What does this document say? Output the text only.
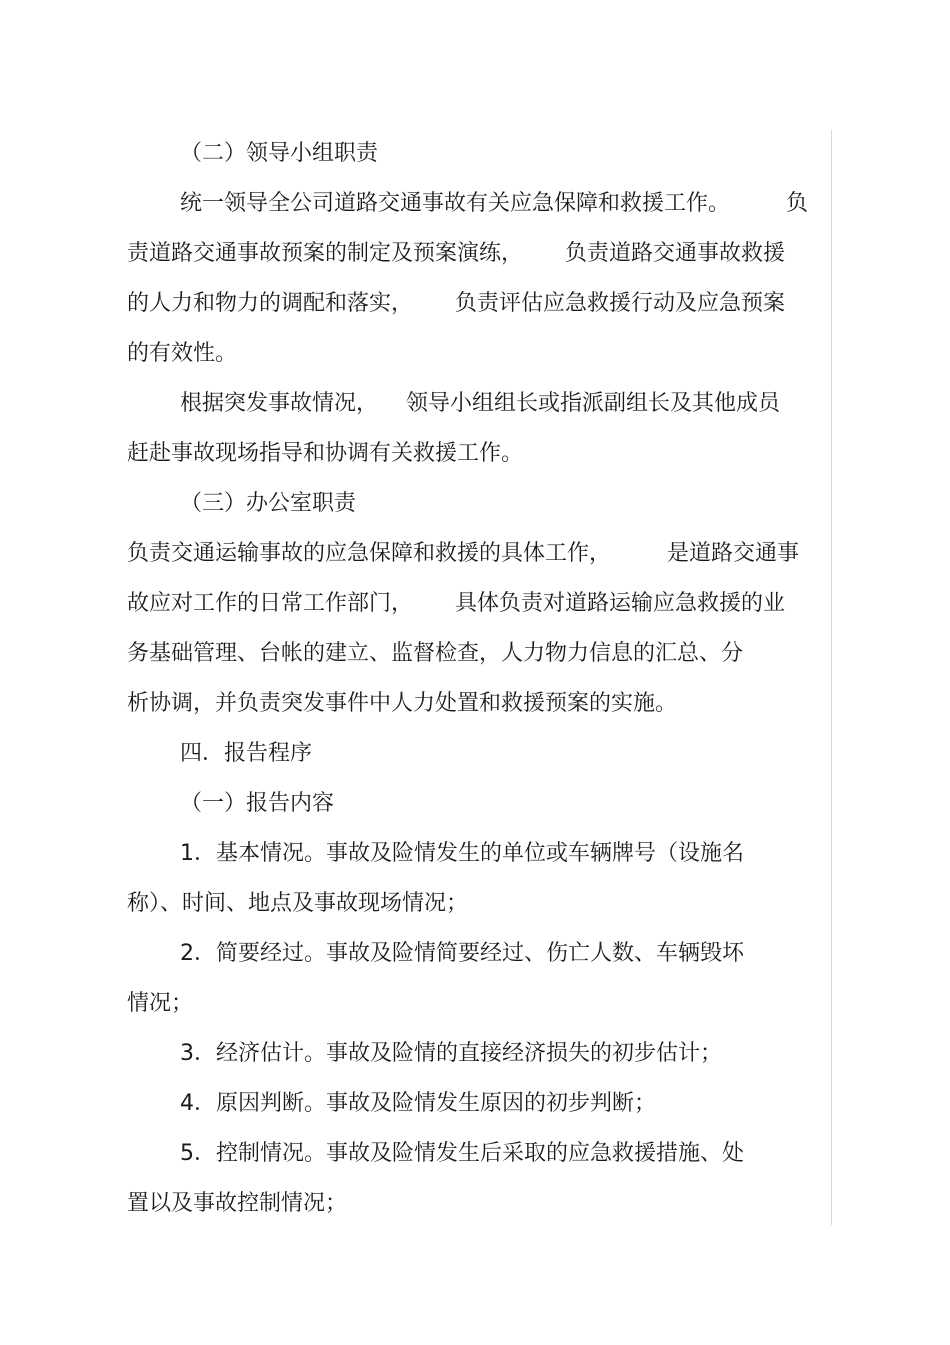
（二）领导小组职责

统一领导全公司道路交通事故有关应急保障和救援工作。        负

责道路交通事故预案的制定及预案演练，      负责道路交通事故救援

的人力和物力的调配和落实，      负责评估应急救援行动及应急预案

的有效性。

根据突发事故情况，    领导小组组长或指派副组长及其他成员

赶赴事故现场指导和协调有关救援工作。

（三）办公室职责

负责交通运输事故的应急保障和救援的具体工作，        是道路交通事

故应对工作的日常工作部门，      具体负责对道路运输应急救援的业

务基础管理、台帐的建立、监督检查，人力物力信息的汇总、分

析协调，并负责突发事件中人力处置和救援预案的实施。

四．报告程序

（一）报告内容

1．基本情况。事故及险情发生的单位或车辆牌号（设施名

称）、时间、地点及事故现场情况；

2．简要经过。事故及险情简要经过、伤亡人数、车辆毁坏

情况；

3．经济估计。事故及险情的直接经济损失的初步估计；

4．原因判断。事故及险情发生原因的初步判断；

5．控制情况。事故及险情发生后采取的应急救援措施、处

置以及事故控制情况；
